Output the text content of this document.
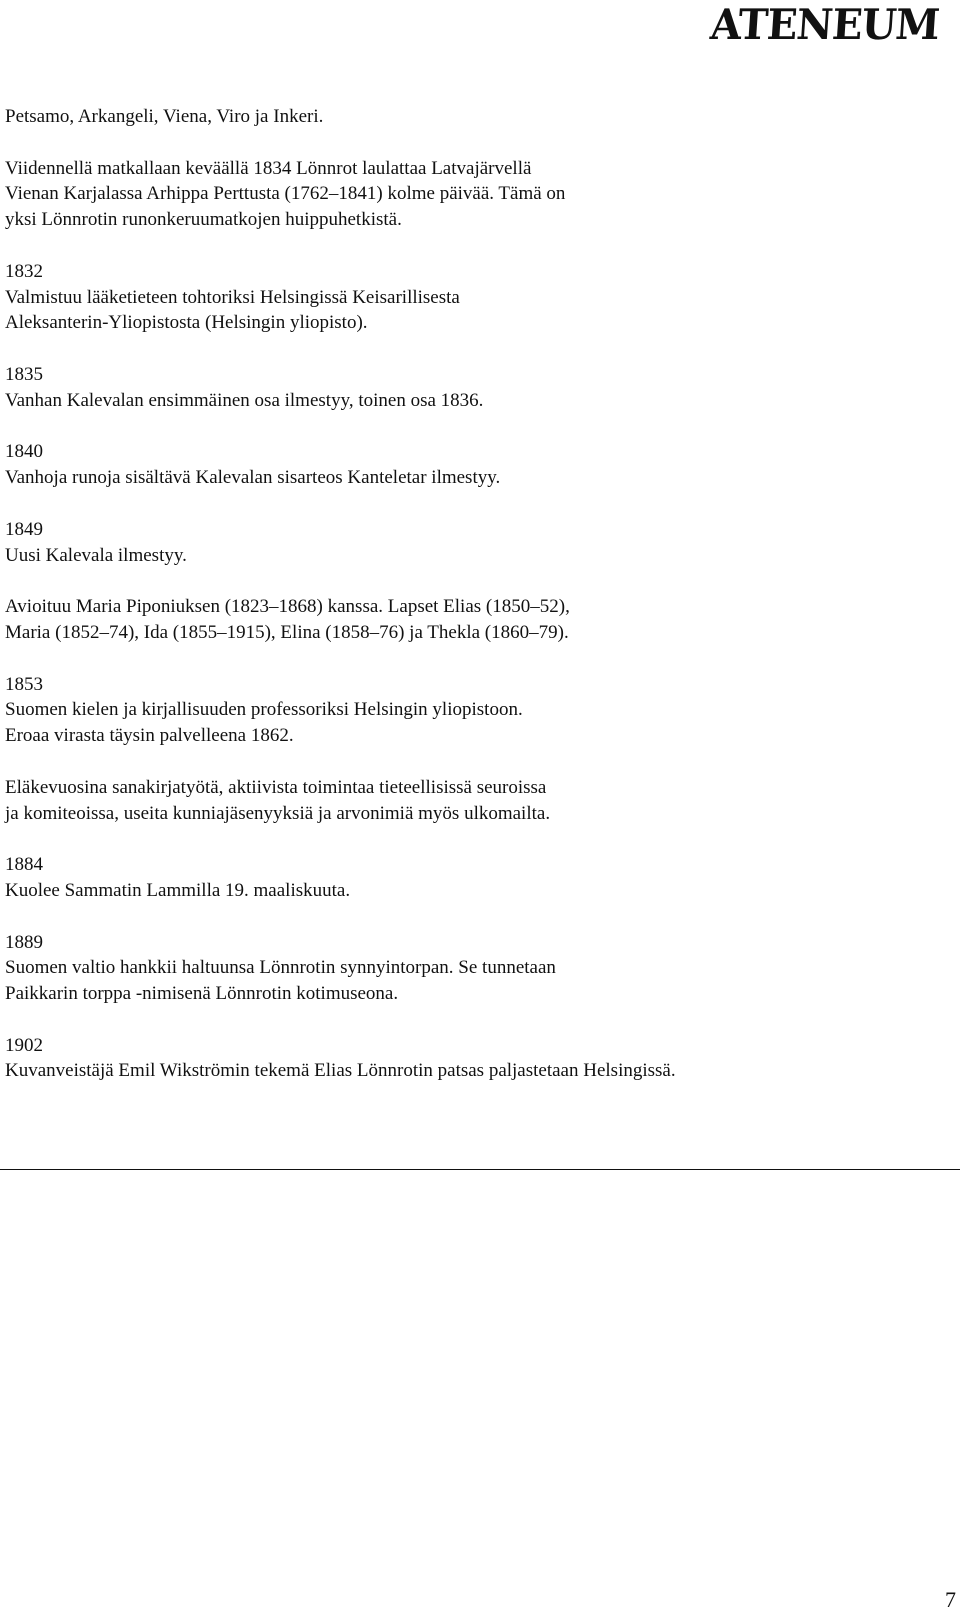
ATENEUM

Petsamo, Arkangeli, Viena, Viro ja Inkeri.

Viidennellä matkallaan keväällä 1834 Lönnrot laulattaa Latvajärvellä
Vienan Karjalassa Arhippa Perttusta (1762–1841) kolme päivää. Tämä on
yksi Lönnrotin runonkeruumatkojen huippuhetkistä.

1832
Valmistuu lääketieteen tohtoriksi Helsingissä Keisarillisesta
Aleksanterin-Yliopistosta (Helsingin yliopisto).

1835
Vanhan Kalevalan ensimmäinen osa ilmestyy, toinen osa 1836.

1840
Vanhoja runoja sisältävä Kalevalan sisarteos Kanteletar ilmestyy.

1849
Uusi Kalevala ilmestyy.

Avioituu Maria Piponiuksen (1823–1868) kanssa. Lapset Elias (1850–52),
Maria (1852–74), Ida (1855–1915), Elina (1858–76) ja Thekla (1860–79).

1853
Suomen kielen ja kirjallisuuden professoriksi Helsingin yliopistoon.
Eroaa virasta täysin palvelleena 1862.

Eläkevuosina sanakirjatyötä, aktiivista toimintaa tieteellisissä seuroissa
ja komiteoissa, useita kunniajäsenyyksiä ja arvonimiä myös ulkomailta.

1884
Kuolee Sammatin Lammilla 19. maaliskuuta.

1889
Suomen valtio hankkii haltuunsa Lönnrotin synnyintorpan. Se tunnetaan
Paikkarin torppa -nimisenä Lönnrotin kotimuseona.

1902
Kuvanveistäjä Emil Wikströmin tekemä Elias Lönnrotin patsas paljastetaan Helsingissä.

7
